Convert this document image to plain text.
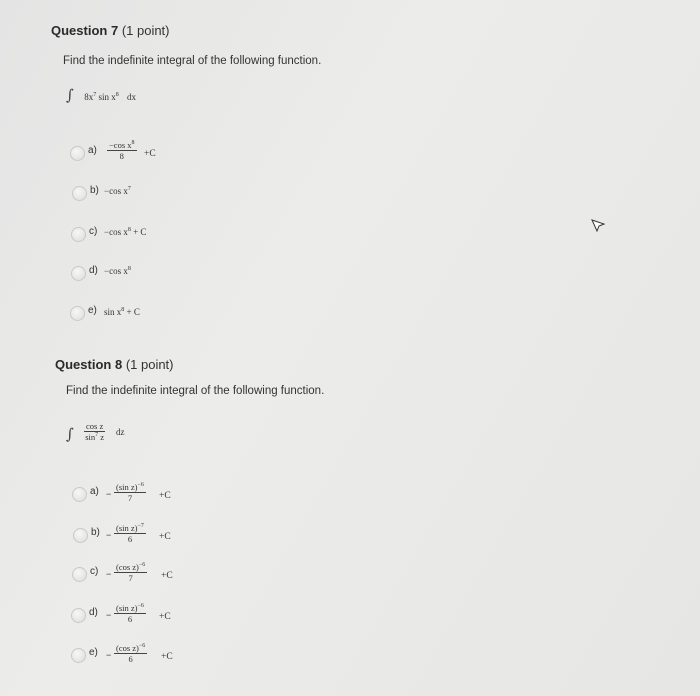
Question 7 (1 point)
Find the indefinite integral of the following function.
∫ $8x^7$ $\sin x^8$ dx
$a) \frac{-\cos x^8}{8} +C$
b) −cos $x^7$
c) −cos $x^8 + C$
d) −cos $x^8$
e) $\sin x^8 + C$
Question 8 (1 point)
Find the indefinite integral of the following function.
∫ $\frac{\text{cos z}}{\sin^7 z}$ dz
$a) - \frac{(\sin z)^{-6}}{7} +C$
$b) - \frac{(\sin z)^{-7}}{6} +C$
$c) - \frac{(\cos z)^{-6}}{7} +C$
$d) - \frac{(\sin z)^{-6}}{6} +C$
$e) - \frac{(\cos z)^{-6}}{6} +C$
